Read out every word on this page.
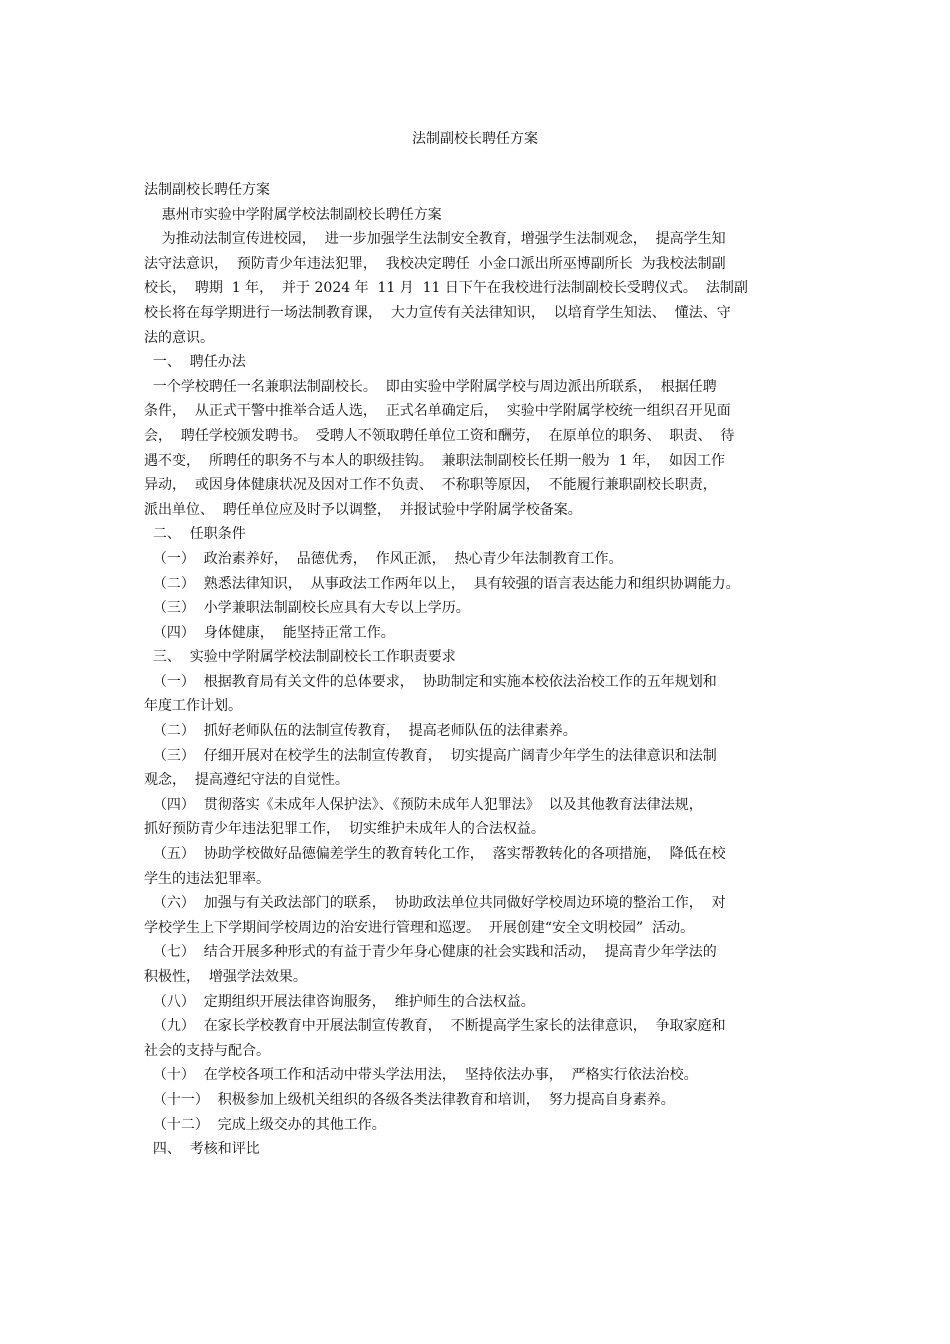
法制副校长聘任方案
法制副校长聘任方案
惠州市实验中学附属学校法制副校长聘任方案
为推动法制宣传进校园，  进一步加强学生法制安全教育，增强学生法制观念，  提高学生知
法守法意识，  预防青少年违法犯罪，  我校决定聘任  小金口派出所巫博副所长  为我校法制副
校长，  聘期  1 年，  并于 2024 年  11 月  11 日下午在我校进行法制副校长受聘仪式。  法制副
校长将在每学期进行一场法制教育课，  大力宣传有关法律知识，  以培育学生知法、  懂法、守
法的意识。
一、  聘任办法
一个学校聘任一名兼职法制副校长。  即由实验中学附属学校与周边派出所联系，  根据任聘
条件，  从正式干警中推举合适人选，  正式名单确定后，  实验中学附属学校统一组织召开见面
会，  聘任学校颁发聘书。  受聘人不领取聘任单位工资和酬劳，  在原单位的职务、  职责、  待
遇不变，  所聘任的职务不与本人的职级挂钩。  兼职法制副校长任期一般为  1 年，  如因工作
异动，  或因身体健康状况及因对工作不负责、  不称职等原因，  不能履行兼职副校长职责，
派出单位、  聘任单位应及时予以调整，  并报试验中学附属学校备案。
二、  任职条件
（一）  政治素养好，  品德优秀，  作风正派，  热心青少年法制教育工作。
（二）  熟悉法律知识，  从事政法工作两年以上，  具有较强的语言表达能力和组织协调能力。
（三）  小学兼职法制副校长应具有大专以上学历。
（四）  身体健康，  能坚持正常工作。
三、  实验中学附属学校法制副校长工作职责要求
（一）  根据教育局有关文件的总体要求，  协助制定和实施本校依法治校工作的五年规划和
年度工作计划。
（二）  抓好老师队伍的法制宣传教育，  提高老师队伍的法律素养。
（三）  仔细开展对在校学生的法制宣传教育，  切实提高广阔青少年学生的法律意识和法制
观念，  提高遵纪守法的自觉性。
（四）  贯彻落实《未成年人保护法》、《预防未成年人犯罪法》  以及其他教育法律法规，
抓好预防青少年违法犯罪工作，  切实维护未成年人的合法权益。
（五）  协助学校做好品德偏差学生的教育转化工作，  落实帮教转化的各项措施，  降低在校
学生的违法犯罪率。
（六）  加强与有关政法部门的联系，  协助政法单位共同做好学校周边环境的整治工作，  对
学校学生上下学期间学校周边的治安进行管理和巡逻。  开展创建“安全文明校园”  活动。
（七）  结合开展多种形式的有益于青少年身心健康的社会实践和活动，  提高青少年学法的
积极性，  增强学法效果。
（八）  定期组织开展法律咨询服务，  维护师生的合法权益。
（九）  在家长学校教育中开展法制宣传教育，  不断提高学生家长的法律意识，  争取家庭和
社会的支持与配合。
（十）  在学校各项工作和活动中带头学法用法，  坚持依法办事，  严格实行依法治校。
（十一）  积极参加上级机关组织的各级各类法律教育和培训，  努力提高自身素养。
（十二）  完成上级交办的其他工作。
四、  考核和评比
